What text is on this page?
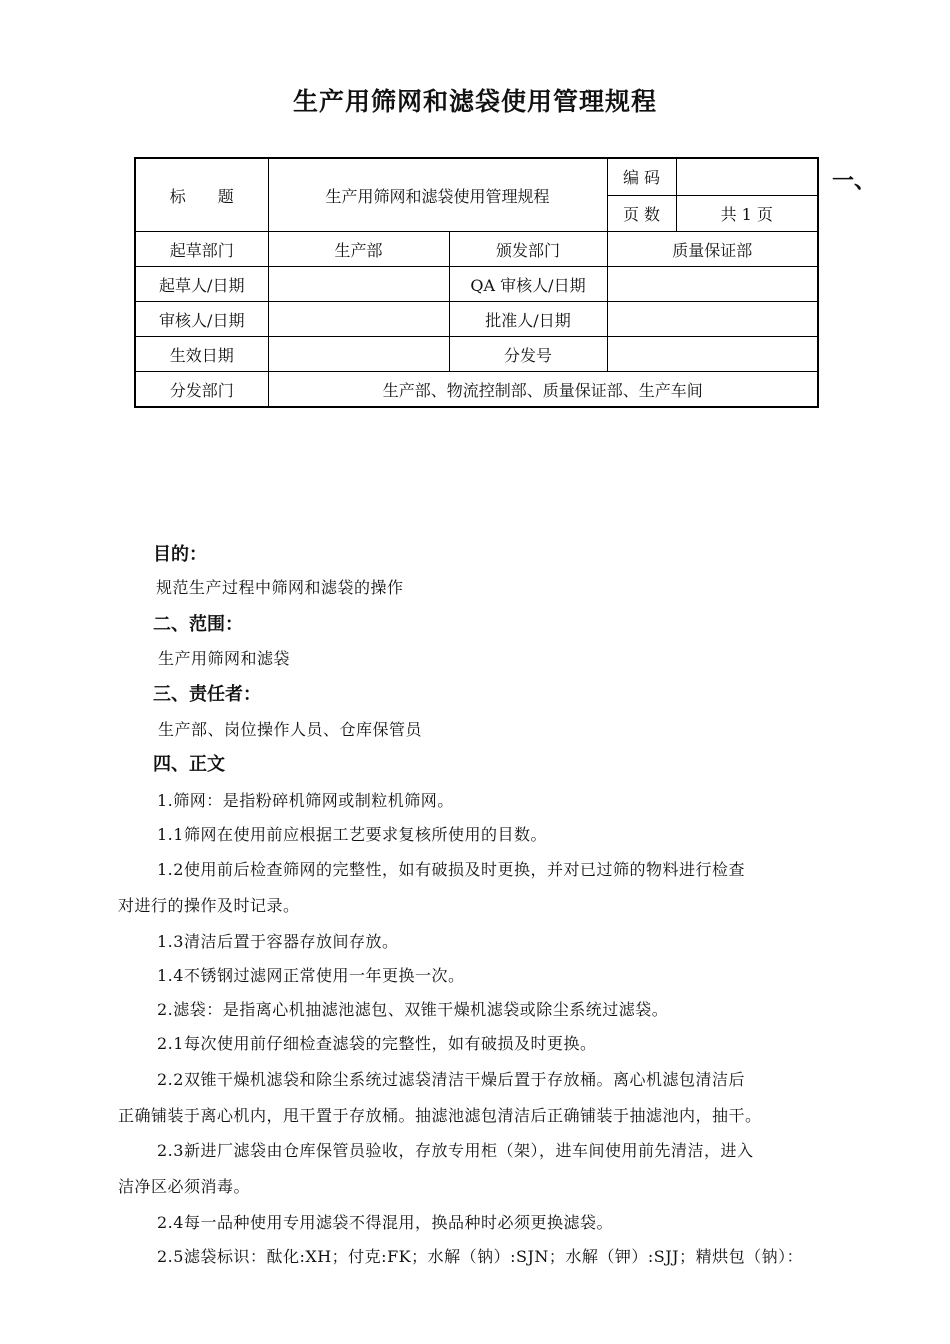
生产用筛网和滤袋使用管理规程
标　　题	生产用筛网和滤袋使用管理规程		编 码	
			页 数	共 1 页
起草部门	生产部	颁发部门	质量保证部	
起草人/日期		QA 审核人/日期		
审核人/日期		批准人/日期		
生效日期		分发号		
分发部门	生产部、物流控制部、质量保证部、生产车间			
一、
目的：
规范生产过程中筛网和滤袋的操作
二、范围：
生产用筛网和滤袋
三、责任者：
生产部、岗位操作人员、仓库保管员
四、正文
1.筛网：是指粉碎机筛网或制粒机筛网。
1.1筛网在使用前应根据工艺要求复核所使用的目数。
1.2使用前后检查筛网的完整性，如有破损及时更换，并对已过筛的物料进行检查
对进行的操作及时记录。
1.3清洁后置于容器存放间存放。
1.4不锈钢过滤网正常使用一年更换一次。
2.滤袋：是指离心机抽滤池滤包、双锥干燥机滤袋或除尘系统过滤袋。
2.1每次使用前仔细检查滤袋的完整性，如有破损及时更换。
2.2双锥干燥机滤袋和除尘系统过滤袋清洁干燥后置于存放桶。离心机滤包清洁后
正确铺装于离心机内，甩干置于存放桶。抽滤池滤包清洁后正确铺装于抽滤池内，抽干。
2.3新进厂滤袋由仓库保管员验收，存放专用柜（架），进车间使用前先清洁，进入
洁净区必须消毒。
2.4每一品种使用专用滤袋不得混用，换品种时必须更换滤袋。
2.5滤袋标识：酞化:XH；付克:FK；水解（钠）:SJN；水解（钾）:SJJ；精烘包（钠）：
